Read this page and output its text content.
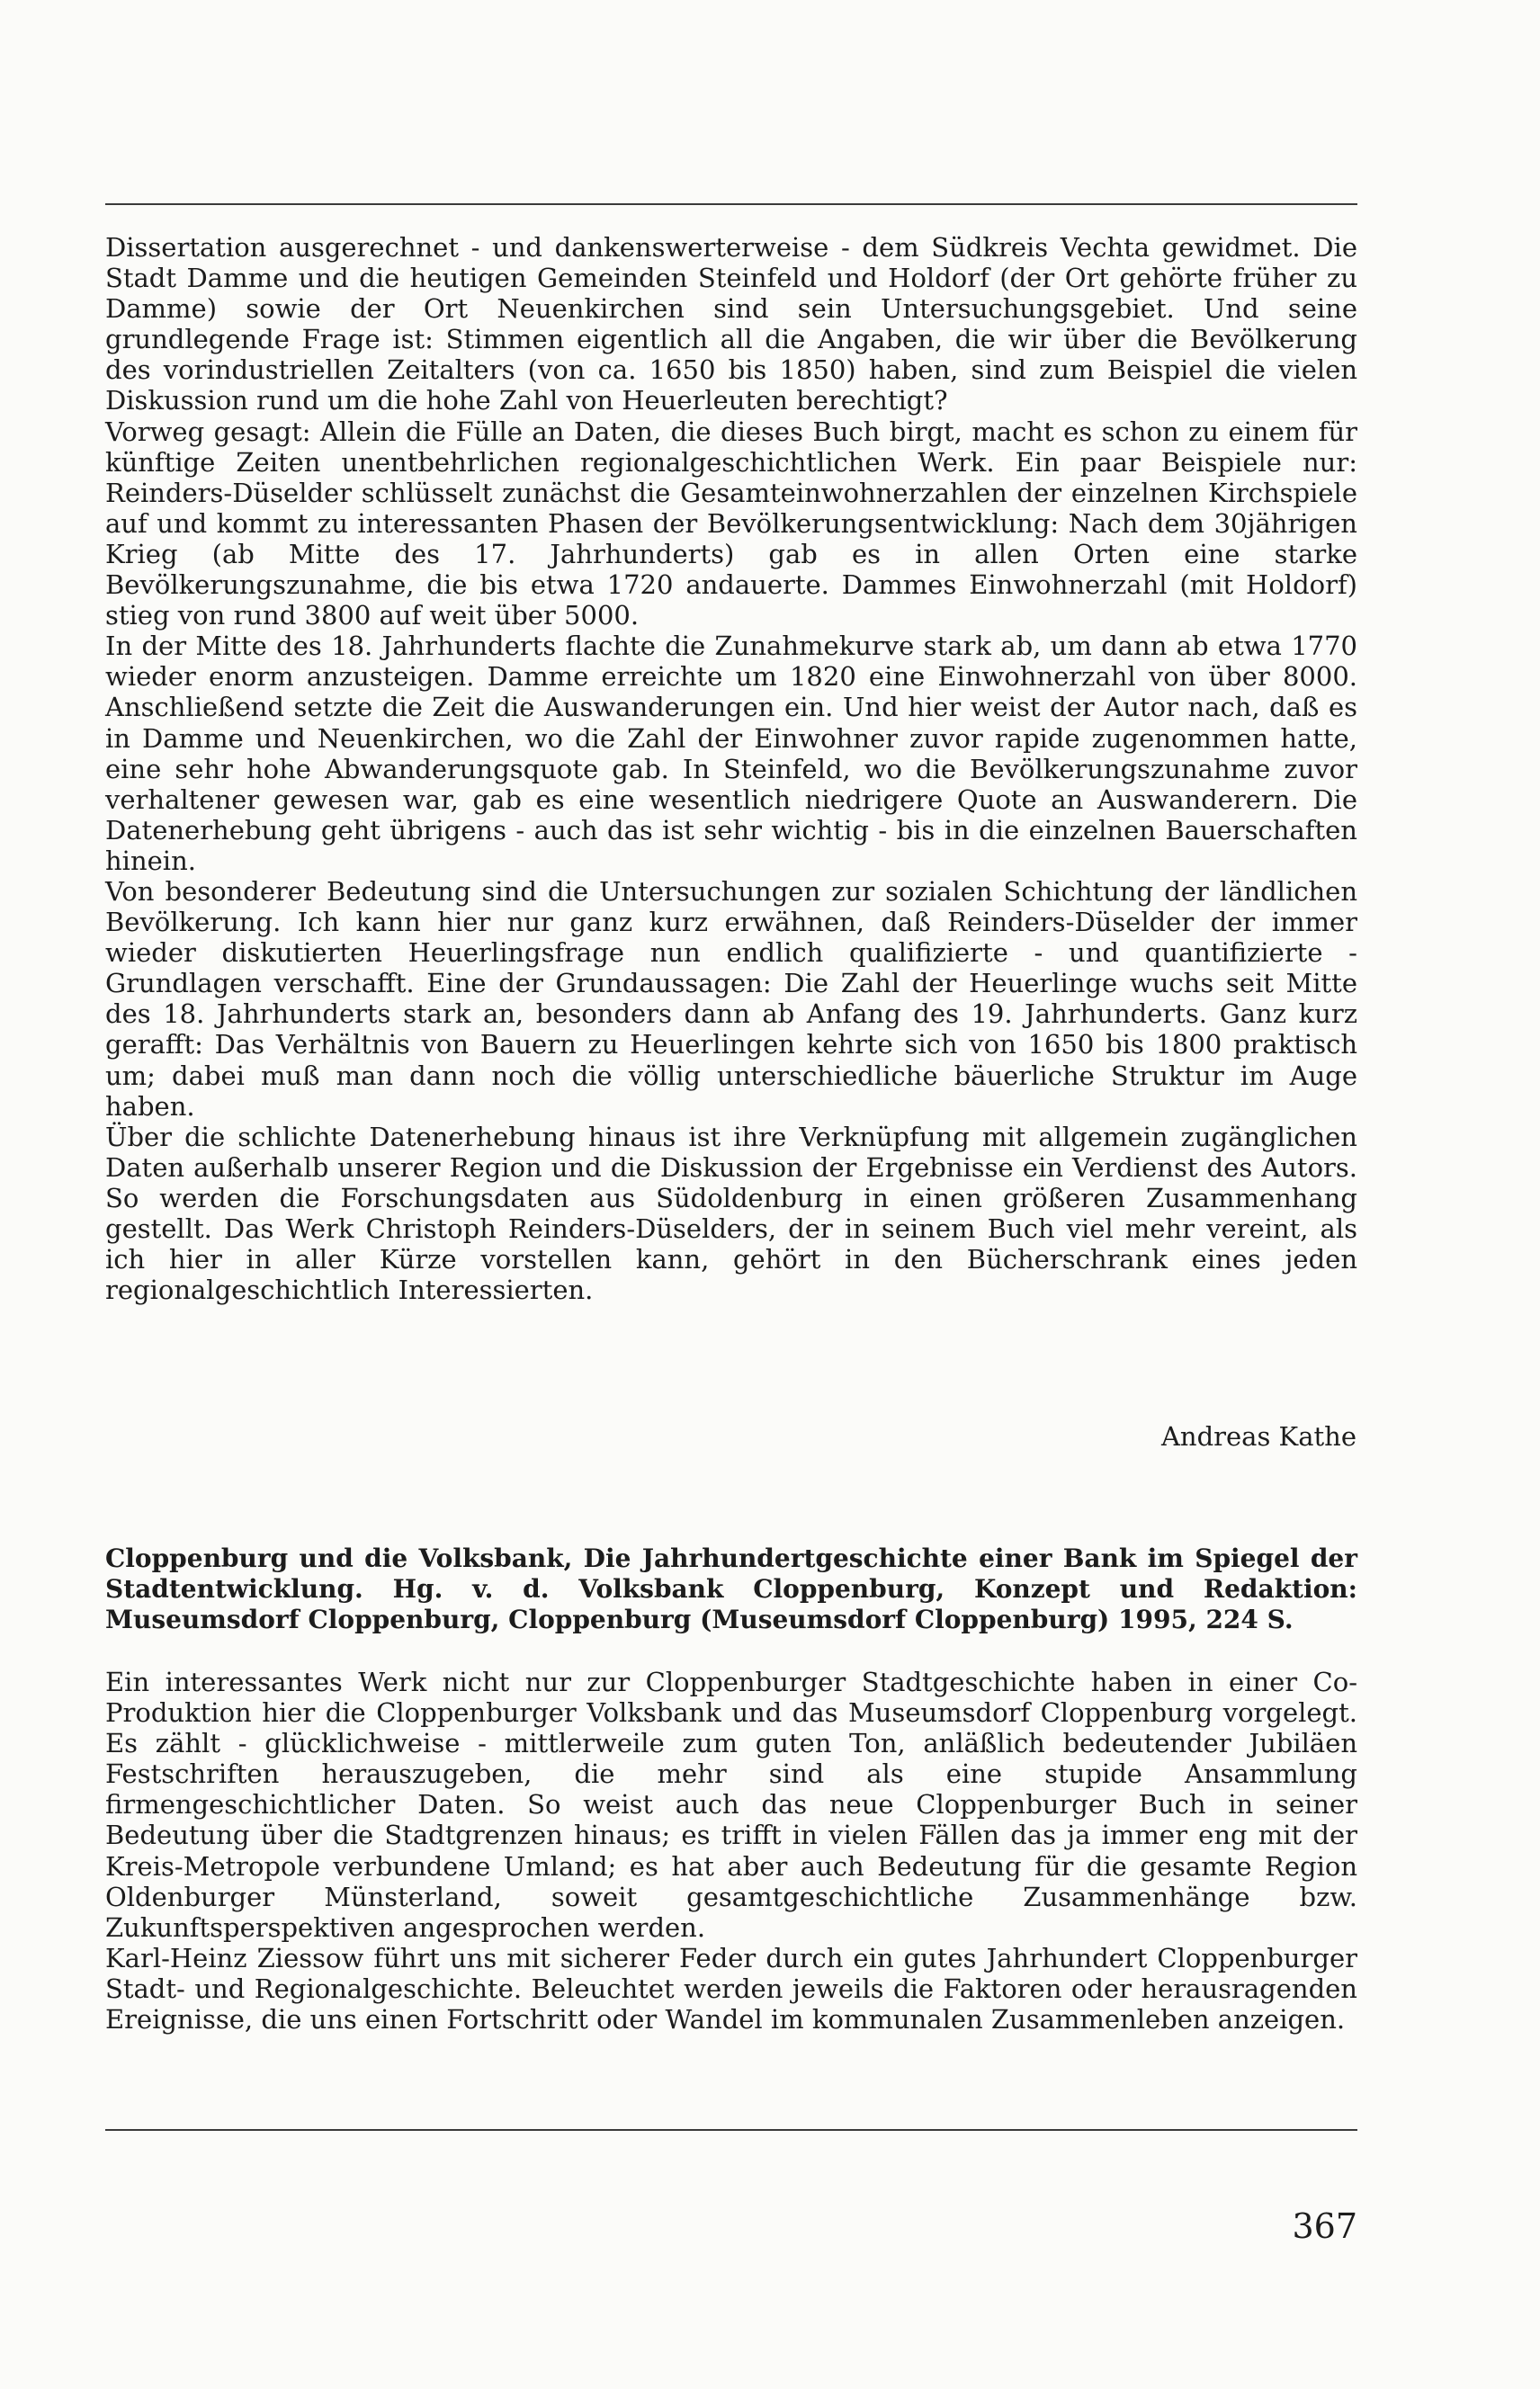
Dissertation ausgerechnet - und dankenswerterweise - dem Südkreis Vechta gewidmet. Die Stadt Damme und die heutigen Gemeinden Steinfeld und Holdorf (der Ort gehörte früher zu Damme) sowie der Ort Neuenkirchen sind sein Untersuchungsgebiet. Und seine grundlegende Frage ist: Stimmen eigentlich all die Angaben, die wir über die Bevölkerung des vorindustriellen Zeitalters (von ca. 1650 bis 1850) haben, sind zum Beispiel die vielen Diskussion rund um die hohe Zahl von Heuerleuten berechtigt?
Vorweg gesagt: Allein die Fülle an Daten, die dieses Buch birgt, macht es schon zu einem für künftige Zeiten unentbehrlichen regionalgeschichtlichen Werk. Ein paar Beispiele nur: Reinders-Düselder schlüsselt zunächst die Gesamteinwohnerzahlen der einzelnen Kirchspiele auf und kommt zu interessanten Phasen der Bevölkerungsentwicklung: Nach dem 30jährigen Krieg (ab Mitte des 17. Jahrhunderts) gab es in allen Orten eine starke Bevölkerungszunahme, die bis etwa 1720 andauerte. Dammes Einwohnerzahl (mit Holdorf) stieg von rund 3800 auf weit über 5000.
In der Mitte des 18. Jahrhunderts flachte die Zunahmekurve stark ab, um dann ab etwa 1770 wieder enorm anzusteigen. Damme erreichte um 1820 eine Einwohnerzahl von über 8000. Anschließend setzte die Zeit die Auswanderungen ein. Und hier weist der Autor nach, daß es in Damme und Neuenkirchen, wo die Zahl der Einwohner zuvor rapide zugenommen hatte, eine sehr hohe Abwanderungsquote gab. In Steinfeld, wo die Bevölkerungszunahme zuvor verhaltener gewesen war, gab es eine wesentlich niedrigere Quote an Auswanderern. Die Datenerhebung geht übrigens - auch das ist sehr wichtig - bis in die einzelnen Bauerschaften hinein.
Von besonderer Bedeutung sind die Untersuchungen zur sozialen Schichtung der ländlichen Bevölkerung. Ich kann hier nur ganz kurz erwähnen, daß Reinders-Düselder der immer wieder diskutierten Heuerlingsfrage nun endlich qualifizierte - und quantifizierte - Grundlagen verschafft. Eine der Grundaussagen: Die Zahl der Heuerlinge wuchs seit Mitte des 18. Jahrhunderts stark an, besonders dann ab Anfang des 19. Jahrhunderts. Ganz kurz gerafft: Das Verhältnis von Bauern zu Heuerlingen kehrte sich von 1650 bis 1800 praktisch um; dabei muß man dann noch die völlig unterschiedliche bäuerliche Struktur im Auge haben.
Über die schlichte Datenerhebung hinaus ist ihre Verknüpfung mit allgemein zugänglichen Daten außerhalb unserer Region und die Diskussion der Ergebnisse ein Verdienst des Autors. So werden die Forschungsdaten aus Südoldenburg in einen größeren Zusammenhang gestellt. Das Werk Christoph Reinders-Düselders, der in seinem Buch viel mehr vereint, als ich hier in aller Kürze vorstellen kann, gehört in den Bücherschrank eines jeden regionalgeschichtlich Interessierten.
Andreas Kathe
Cloppenburg und die Volksbank, Die Jahrhundertgeschichte einer Bank im Spiegel der Stadtentwicklung. Hg. v. d. Volksbank Cloppenburg, Konzept und Redaktion: Museumsdorf Cloppenburg, Cloppenburg (Museumsdorf Cloppenburg) 1995, 224 S.
Ein interessantes Werk nicht nur zur Cloppenburger Stadtgeschichte haben in einer Co-Produktion hier die Cloppenburger Volksbank und das Museumsdorf Cloppenburg vorgelegt. Es zählt - glücklichweise - mittlerweile zum guten Ton, anläßlich bedeutender Jubiläen Festschriften herauszugeben, die mehr sind als eine stupide Ansammlung firmengeschichtlicher Daten. So weist auch das neue Cloppenburger Buch in seiner Bedeutung über die Stadtgrenzen hinaus; es trifft in vielen Fällen das ja immer eng mit der Kreis-Metropole verbundene Umland; es hat aber auch Bedeutung für die gesamte Region Oldenburger Münsterland, soweit gesamtgeschichtliche Zusammenhänge bzw. Zukunftsperspektiven angesprochen werden.
Karl-Heinz Ziessow führt uns mit sicherer Feder durch ein gutes Jahrhundert Cloppenburger Stadt- und Regionalgeschichte. Beleuchtet werden jeweils die Faktoren oder herausragenden Ereignisse, die uns einen Fortschritt oder Wandel im kommunalen Zusammenleben anzeigen.
367
